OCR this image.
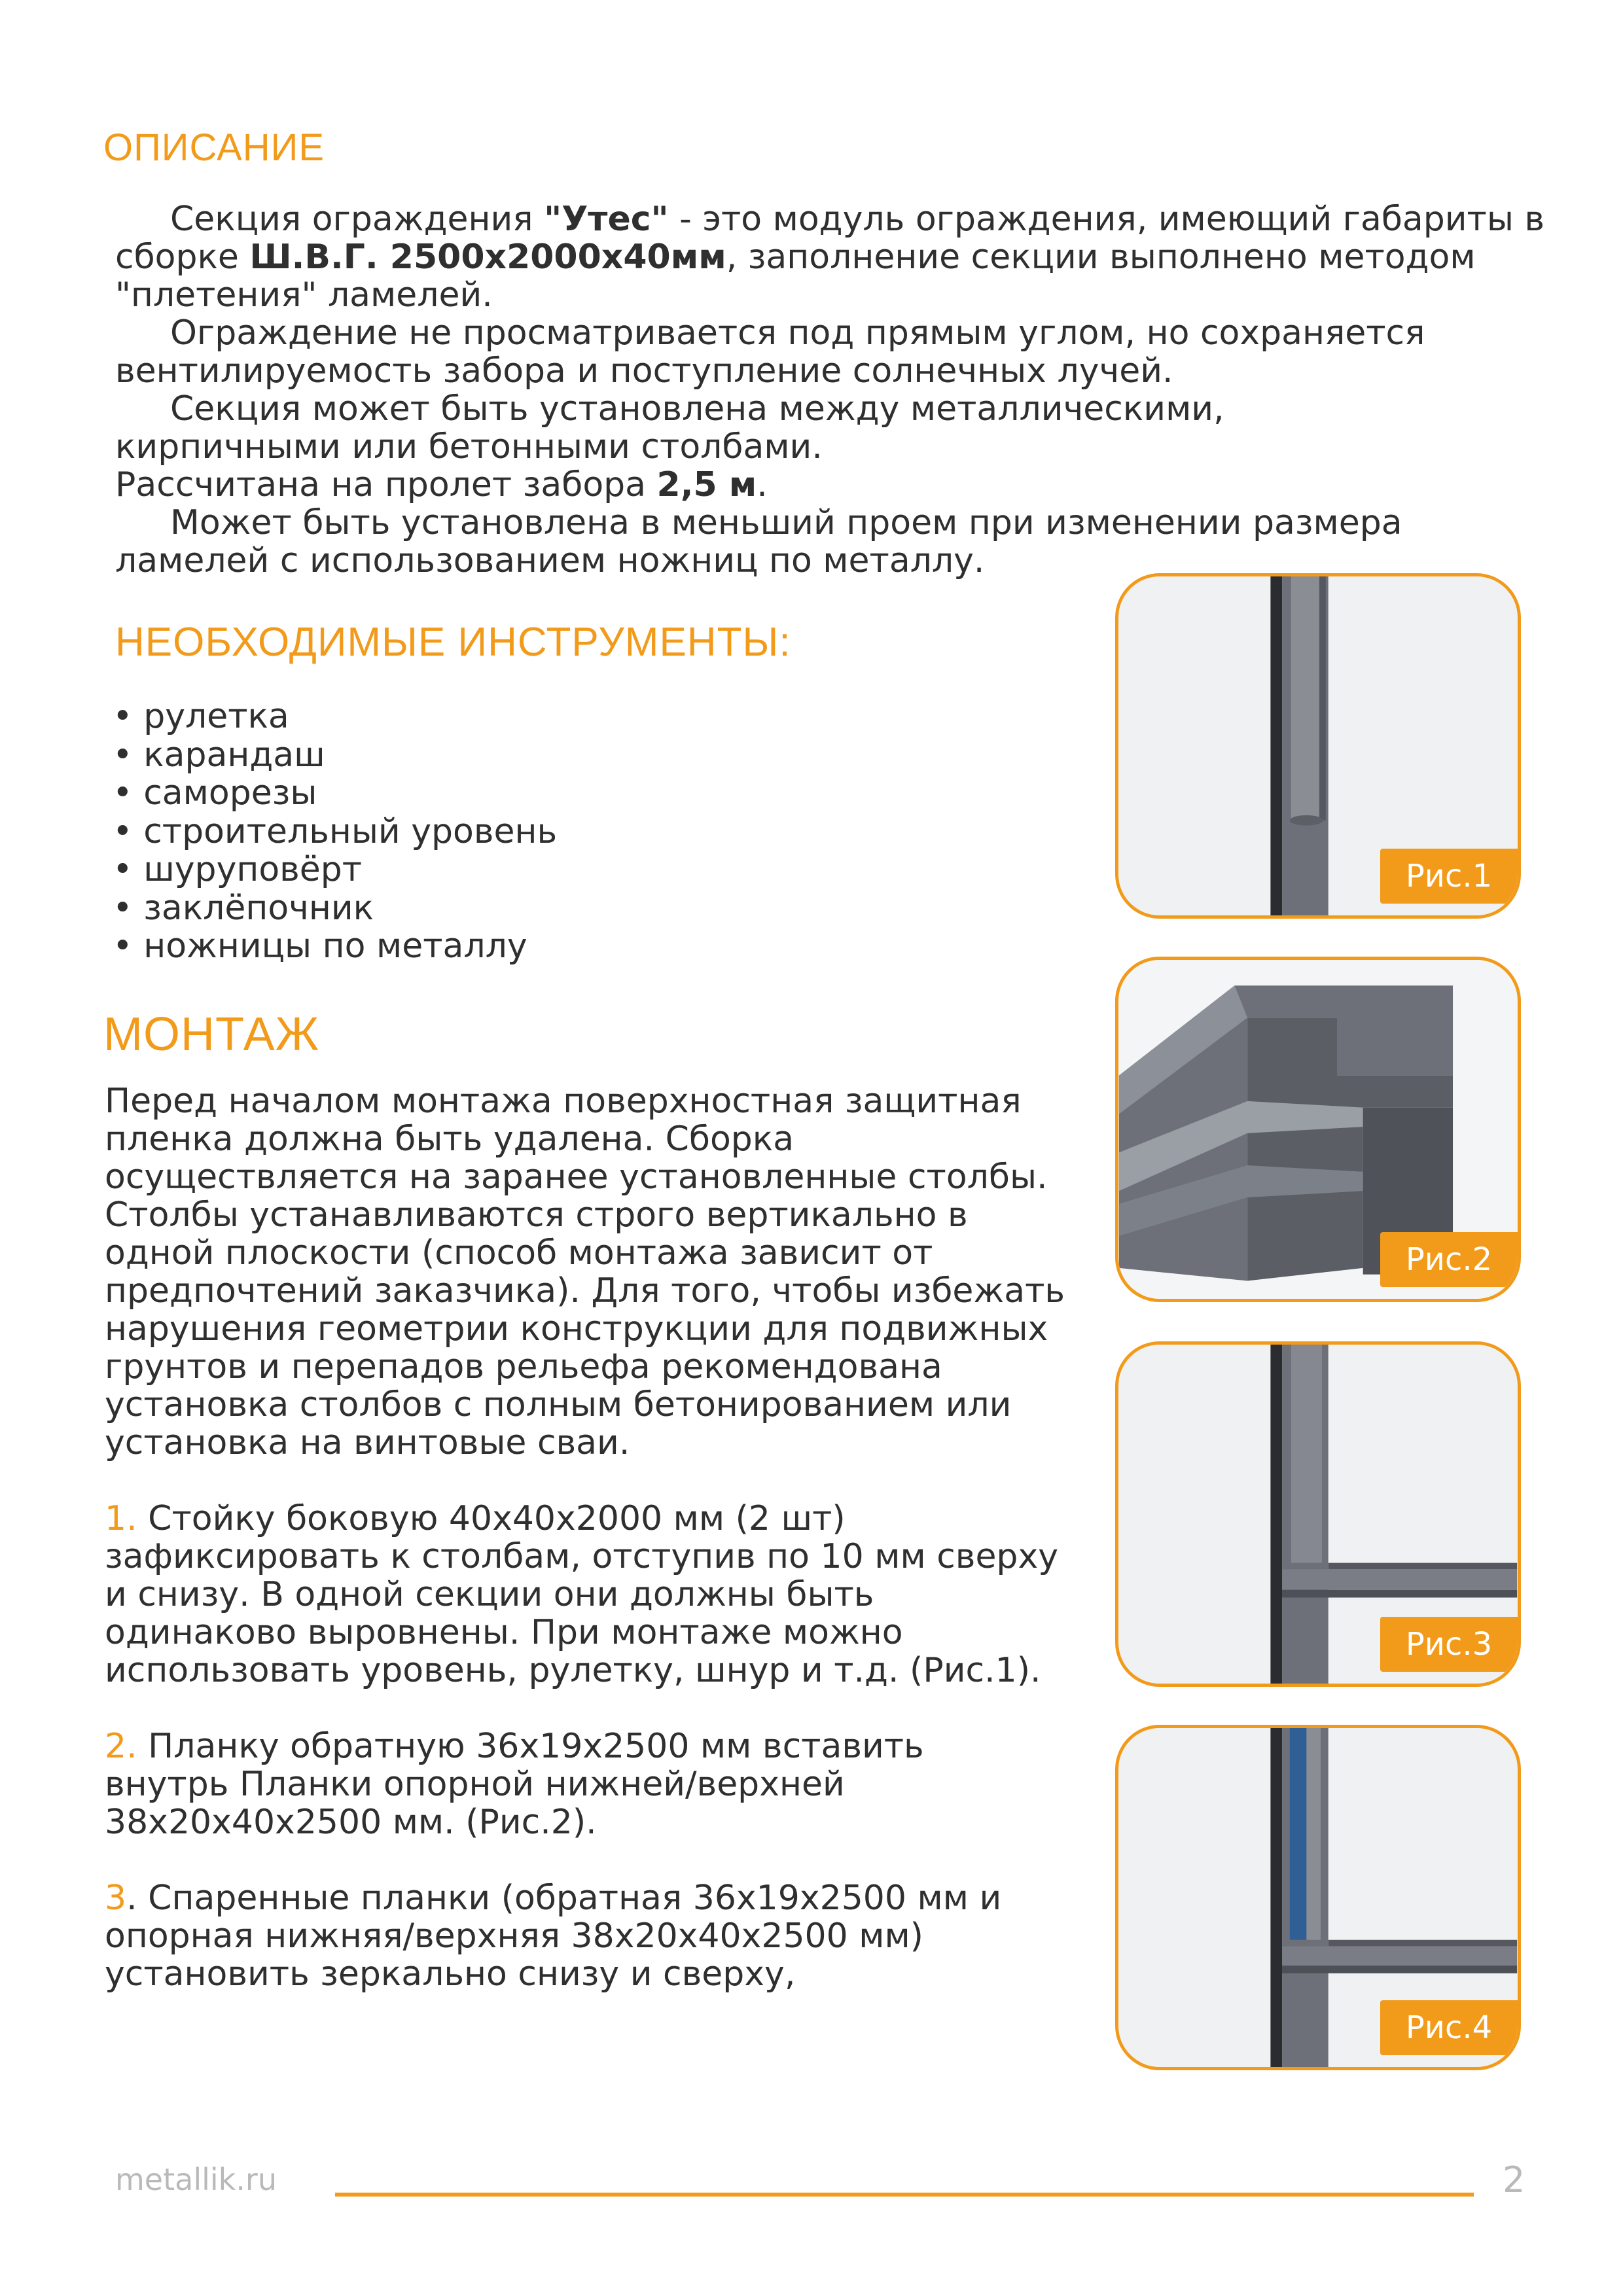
ОПИСАНИЕ

Секция ограждения "Утес" - это модуль ограждения, имеющий габариты в сборке Ш.В.Г. 2500x2000x40мм, заполнение секции выполнено методом "плетения" ламелей.

Ограждение не просматривается под прямым углом, но сохраняется вентилируемость забора и поступление солнечных лучей.

Секция может быть установлена между металлическими, кирпичными или бетонными столбами.

Рассчитана на пролет забора 2,5 м.

Может быть установлена в меньший проем при изменении размера ламелей с использованием ножниц по металлу.

НЕОБХОДИМЫЕ ИНСТРУМЕНТЫ:
• рулетка
• карандаш
• саморезы
• строительный уровень
• шуруповёрт
• заклёпочник
• ножницы по металлу
МОНТАЖ

Перед началом монтажа поверхностная защитная пленка должна быть удалена. Сборка осуществляется на заранее установленные столбы. Столбы устанавливаются строго вертикально в одной плоскости (способ монтажа зависит от предпочтений заказчика). Для того, чтобы избежать нарушения геометрии конструкции для подвижных грунтов и перепадов рельефа рекомендована установка столбов с полным бетонированием или установка на винтовые сваи.

1. Стойку боковую 40x40x2000 мм (2 шт) зафиксировать к столбам, отступив по 10 мм сверху и снизу. В одной секции они должны быть одинаково выровнены. При монтаже можно использовать уровень, рулетку, шнур и т.д. (Рис.1).

2. Планку обратную 36x19x2500 мм вставить внутрь Планки опорной нижней/верхней 38x20x40x2500 мм. (Рис.2).

3. Спаренные планки (обратная 36x19x2500 мм и опорная нижняя/верхняя 38x20x40x2500 мм) установить зеркально снизу и сверху,

Рис.1
Рис.2
Рис.3
Рис.4
metallik.ru	2
